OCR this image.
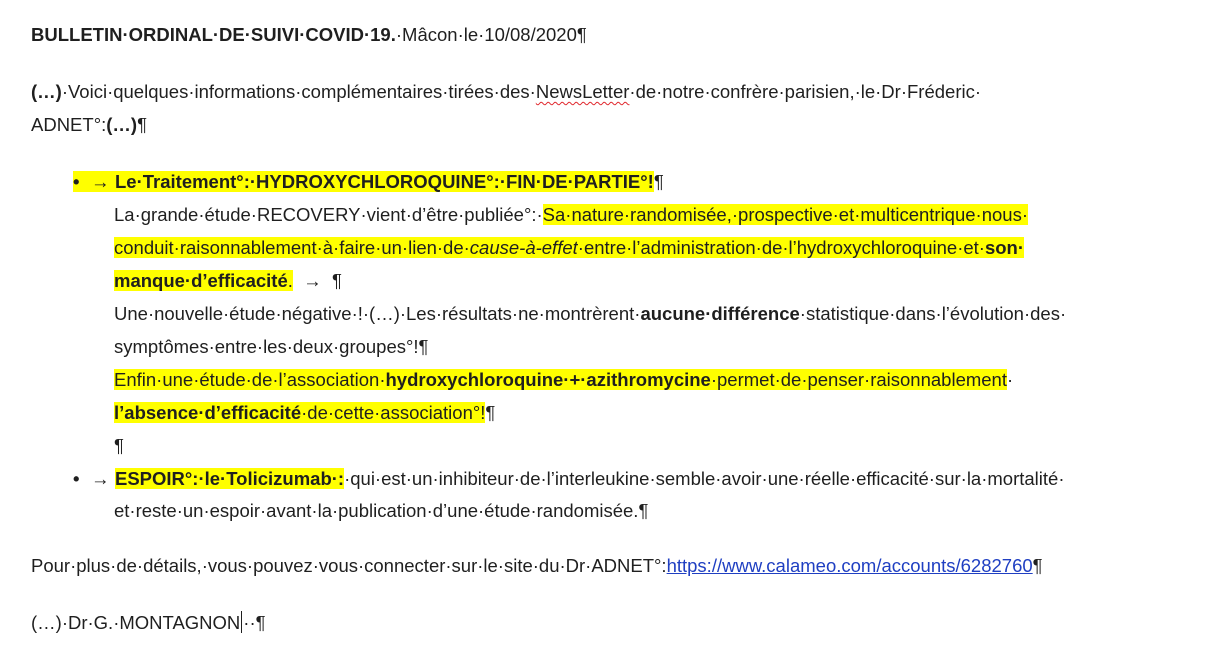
BULLETIN·ORDINAL·DE·SUIVI·COVID·19.·Mâcon·le·10/08/2020¶
(…)·Voici·quelques·informations·complémentaires·tirées·des·NewsLetter·de·notre·confrère·parisien,·le·Dr·Fréderic·
ADNET°:(…)¶
• → Le·Traitement°:·HYDROXYCHLOROQUINE°:·FIN·DE·PARTIE°!¶
La·grande·étude·RECOVERY·vient·d’être·publiée°:·Sa·nature·randomisée,·prospective·et·multicentrique·nous·
conduit·raisonnablement·à·faire·un·lien·de·cause-à-effet·entre·l’administration·de·l’hydroxychloroquine·et·son·
manque·d’efficacité.  →  ¶
Une·nouvelle·étude·négative·!·(…)·Les·résultats·ne·montrèrent·aucune·différence·statistique·dans·l’évolution·des·
symptômes·entre·les·deux·groupes°!¶
Enfin·une·étude·de·l’association·hydroxychloroquine·+·azithromycine·permet·de·penser·raisonnablement·
l’absence·d’efficacité·de·cette·association°!¶
¶
• → ESPOIR°:·le·Tolicizumab·:·qui·est·un·inhibiteur·de·l’interleukine·semble·avoir·une·réelle·efficacité·sur·la·mortalité·
et·reste·un·espoir·avant·la·publication·d’une·étude·randomisée.¶
Pour·plus·de·détails,·vous·pouvez·vous·connecter·sur·le·site·du·Dr·ADNET°:https://www.calameo.com/accounts/6282760¶
(…)·Dr·G.·MONTAGNON ··¶
